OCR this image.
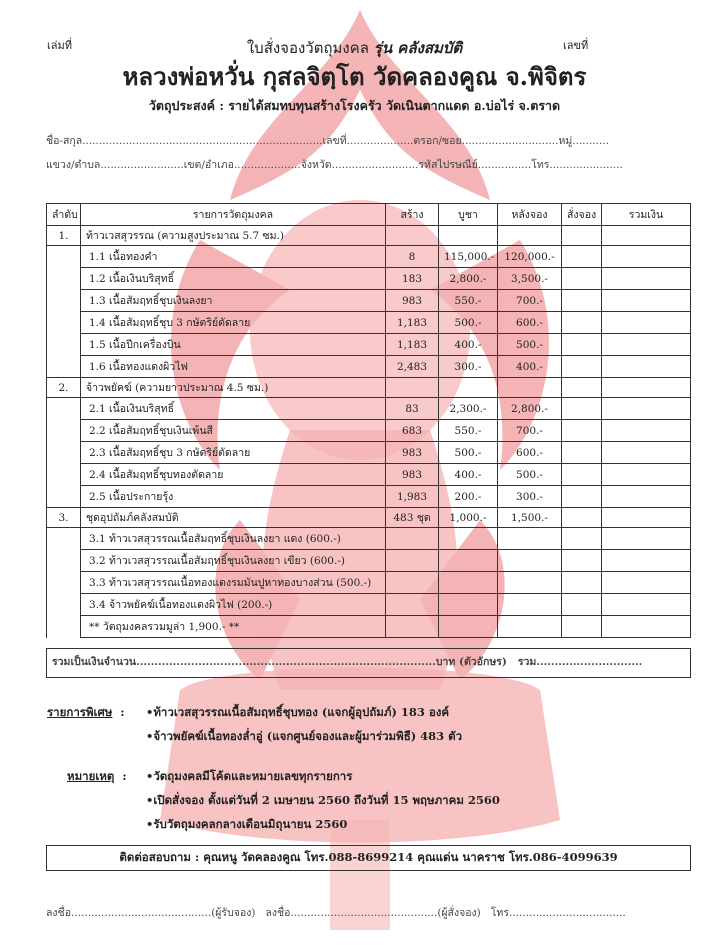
เล่มที่	เลขที่
ใบสั่งจองวัตถุมงคล รุ่น คลังสมบัติ
หลวงพ่อหวั่น กุสลจิตฺโต วัดคลองคูณ จ.พิจิตร
วัตถุประสงค์ : รายได้สมทบทุนสร้างโรงครัว วัดเนินตากแดด อ.บ่อไร่ จ.ตราด
ชื่อ-สกุล........................................................................เลขที่....................ตรอก/ซอย.............................หมู่...........
แขวง/ตำบล.........................เขต/อำเภอ....................จังหวัด..........................รหัสไปรษณีย์................โทร......................
ลำดับ	รายการวัตถุมงคล	สร้าง	บูชา	หลังจอง	สั่งจอง	รวมเงิน
1.	ท้าวเวสสุวรรณ (ความสูงประมาณ 5.7 ซม.)					
	1.1 เนื้อทองคำ	8	115,000.-	120,000.-		
	1.2 เนื้อเงินบริสุทธิ์	183	2,800.-	3,500.-		
	1.3 เนื้อสัมฤทธิ์ชุบเงินลงยา	983	550.-	700.-		
	1.4 เนื้อสัมฤทธิ์ชุบ 3 กษัตริย์ตัดลาย	1,183	500.-	600.-		
	1.5 เนื้อปีกเครื่องบิน	1,183	400.-	500.-		
	1.6 เนื้อทองแดงผิวไฟ	2,483	300.-	400.-		
2.	จ้าวพยัคฆ์ (ความยาวประมาณ 4.5 ซม.)					
	2.1 เนื้อเงินบริสุทธิ์	83	2,300.-	2,800.-		
	2.2 เนื้อสัมฤทธิ์ชุบเงินเพ้นสี	683	550.-	700.-		
	2.3 เนื้อสัมฤทธิ์ชุบ 3 กษัตริย์ตัดลาย	983	500.-	600.-		
	2.4 เนื้อสัมฤทธิ์ชุบทองตัดลาย	983	400.-	500.-		
	2.5 เนื้อประกายรุ้ง	1,983	200.-	300.-		
3.	ชุดอุปถัมภ์คลังสมบัติ	483 ชุด	1,000.-	1,500.-		
	3.1 ท้าวเวสสุวรรณเนื้อสัมฤทธิ์ชุบเงินลงยา แดง (600.-)					
	3.2 ท้าวเวสสุวรรณเนื้อสัมฤทธิ์ชุบเงินลงยา เขียว (600.-)					
	3.3 ท้าวเวสสุวรรณเนื้อทองแดงรมมันปูหาทองบางส่วน (500.-)					
	3.4 จ้าวพยัคฆ์เนื้อทองแดงผิวไฟ (200.-)					
	** วัตถุมงคลรวมมูล่า 1,900.- **					
รวมเป็นเงินจำนวน..................................................................................บาท (ตัวอักษร) รวม.............................
รายการพิเศษ  : •ท้าวเวสสุวรรณเนื้อสัมฤทธิ์ชุบทอง (แจกผู้อุปถัมภ์) 183 องค์
•จ้าวพยัคฆ์เนื้อทองล่ำอู่ (แจกศูนย์จองและผู้มาร่วมพิธี) 483 ตัว
หมายเหตุ  : •วัตถุมงคลมีโค้ดและหมายเลขทุกรายการ
•เปิดสั่งจอง ตั้งแต่วันที่ 2 เมษายน 2560 ถึงวันที่ 15 พฤษภาคม 2560
•รับวัตถุมงคลกลางเดือนมิถุนายน 2560
ติดต่อสอบถาม : คุณหนู วัดคลองคูณ โทร.088-8699214 คุณแด่น นาคราช โทร.086-4099639
ลงชื่อ..........................................(ผู้รับจอง) ลงชื่อ............................................(ผู้สั่งจอง) โทร...................................
